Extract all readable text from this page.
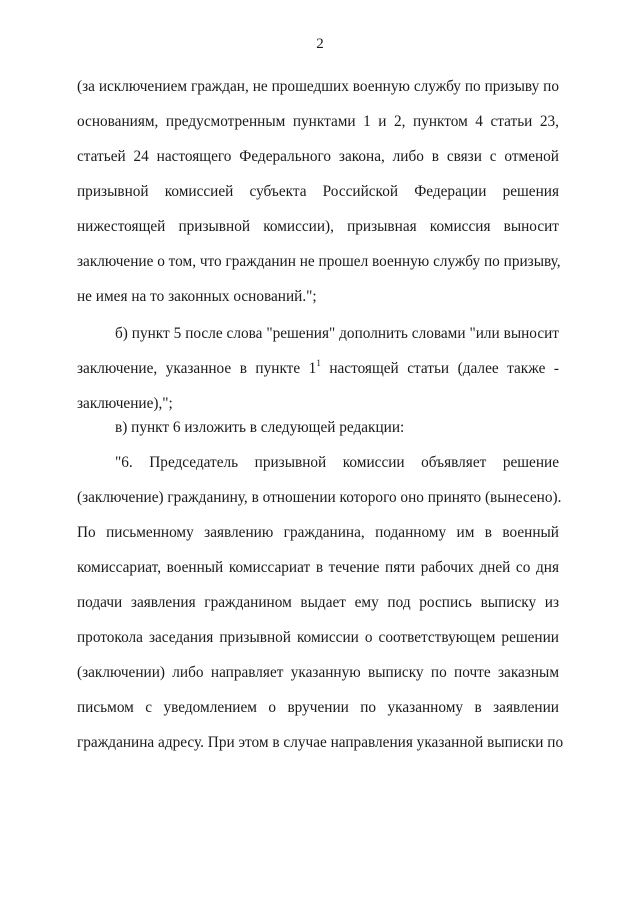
2
(за исключением граждан, не прошедших военную службу по призыву по
основаниям, предусмотренным пунктами 1 и 2, пунктом 4 статьи 23,
статьей 24 настоящего Федерального закона, либо в связи с отменой
призывной комиссией субъекта Российской Федерации решения
нижестоящей призывной комиссии), призывная комиссия выносит
заключение о том, что гражданин не прошел военную службу по призыву,
не имея на то законных оснований.";
б) пункт 5 после слова "решения" дополнить словами "или выносит
заключение, указанное в пункте $1^1$ настоящей статьи (далее также -
заключение),";
в) пункт 6 изложить в следующей редакции:
"6. Председатель призывной комиссии объявляет решение
(заключение) гражданину, в отношении которого оно принято (вынесено).
По письменному заявлению гражданина, поданному им в военный
комиссариат, военный комиссариат в течение пяти рабочих дней со дня
подачи заявления гражданином выдает ему под роспись выписку из
протокола заседания призывной комиссии о соответствующем решении
(заключении) либо направляет указанную выписку по почте заказным
письмом с уведомлением о вручении по указанному в заявлении
гражданина адресу. При этом в случае направления указанной выписки по
